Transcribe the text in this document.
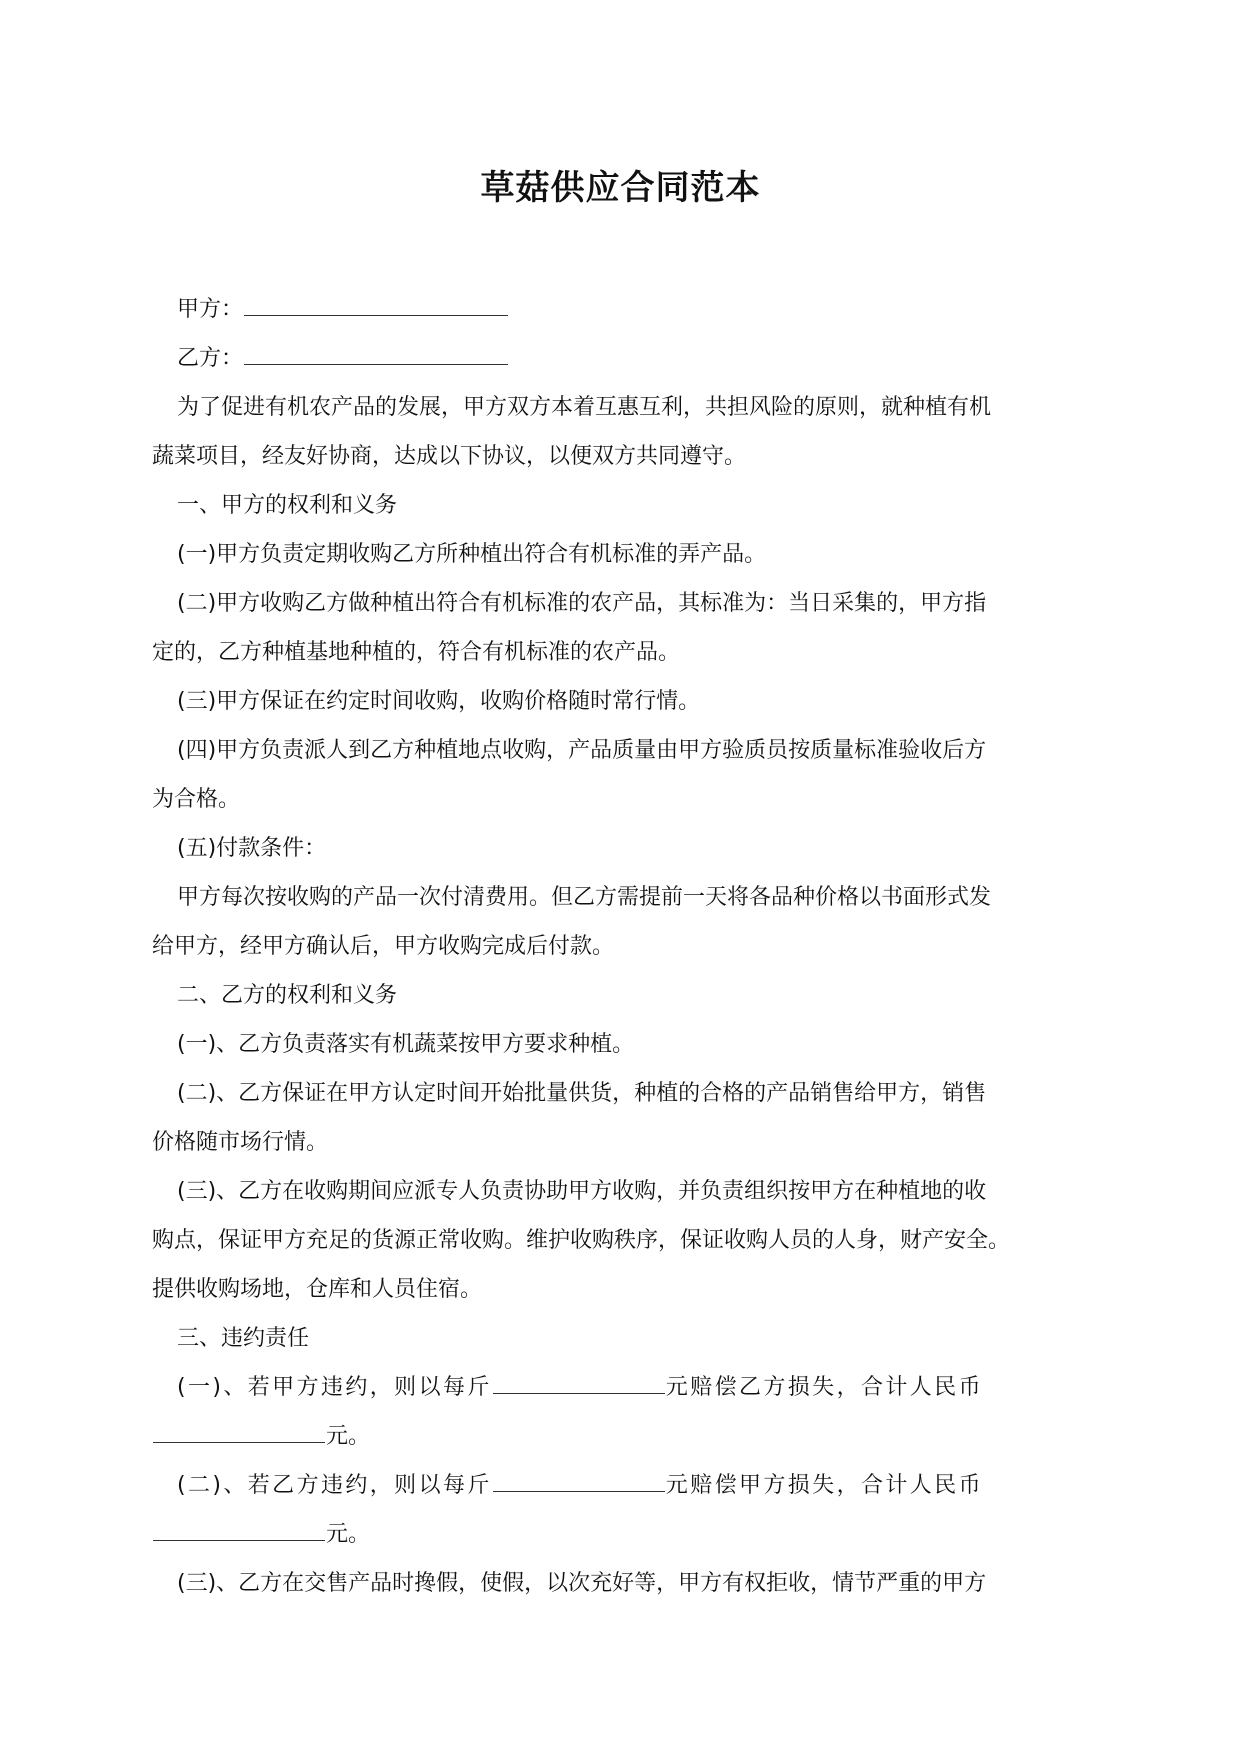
草菇供应合同范本
甲方：
乙方：
为了促进有机农产品的发展，甲方双方本着互惠互利，共担风险的原则，就种植有机
蔬菜项目，经友好协商，达成以下协议，以便双方共同遵守。
一、甲方的权利和义务
(一)甲方负责定期收购乙方所种植出符合有机标准的弄产品。
(二)甲方收购乙方做种植出符合有机标准的农产品，其标准为：当日采集的，甲方指
定的，乙方种植基地种植的，符合有机标准的农产品。
(三)甲方保证在约定时间收购，收购价格随时常行情。
(四)甲方负责派人到乙方种植地点收购，产品质量由甲方验质员按质量标准验收后方
为合格。
(五)付款条件：
甲方每次按收购的产品一次付清费用。但乙方需提前一天将各品种价格以书面形式发
给甲方，经甲方确认后，甲方收购完成后付款。
二、乙方的权利和义务
(一)、乙方负责落实有机蔬菜按甲方要求种植。
(二)、乙方保证在甲方认定时间开始批量供货，种植的合格的产品销售给甲方，销售
价格随市场行情。
(三)、乙方在收购期间应派专人负责协助甲方收购，并负责组织按甲方在种植地的收
购点，保证甲方充足的货源正常收购。维护收购秩序，保证收购人员的人身，财产安全。
提供收购场地，仓库和人员住宿。
三、违约责任
(一)、若甲方违约，则以每斤	元赔偿乙方损失，合计人民币
元。
(二)、若乙方违约，则以每斤	元赔偿甲方损失，合计人民币
元。
(三)、乙方在交售产品时搀假，使假，以次充好等，甲方有权拒收，情节严重的甲方
